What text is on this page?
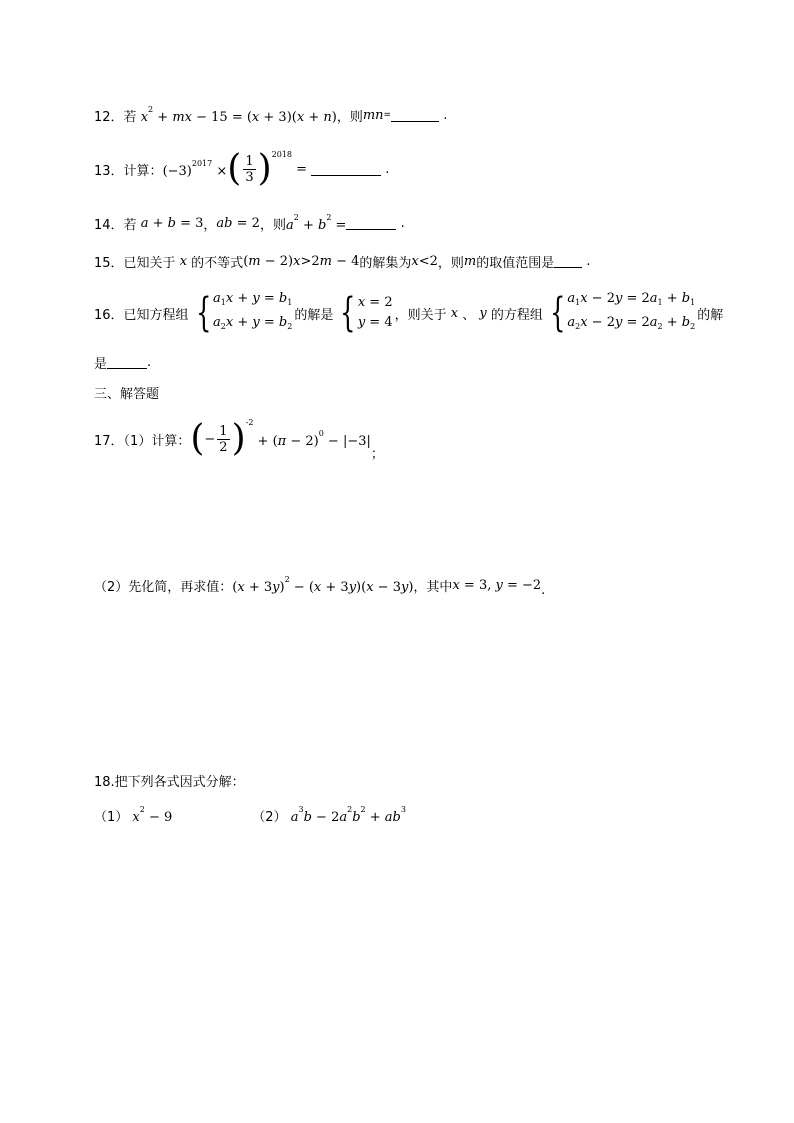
12． 若 $x^2$ + mx − 15 = (x + 3)(x + n) ，则 mn =	.
13． 计算： $(-3)^{2017}$ × ( $\frac{1}{3}$ ) 2018
=	.
14． 若 a + b = 3 ， ab = 2 ，则 $a^2 + b^2$ =	.
15． 已知关于 x 的不等式 (m − 2)x>2m − 4 的解集为 x<2 ，则 m 的取值范围是 .
16． 已知方程组 { $a_1x + y = b_1$
$a_2x + y = b_2$
的解是 { x = 2
y = 4 ，则关于 x 、 y 的方程组 { $a_1x - 2y = 2a_1 + b_1$
$a_2x - 2y = 2a_2 + b_2$
的解
是	.
三、解答题
17．（1）计算： ( − $\frac{1}{2}$ ) -2
+ $(\pi - 2)^0 - |-3|$
；
（2）先化简，再求值： $(x + 3y)^2 - (x + 3y)(x - 3y)$ ，其中 x = 3, y = −2 .
18.把下列各式因式分解：
（1） $x^2 - 9$	（2） $a^3b - 2a^2b^2 + ab^3$
